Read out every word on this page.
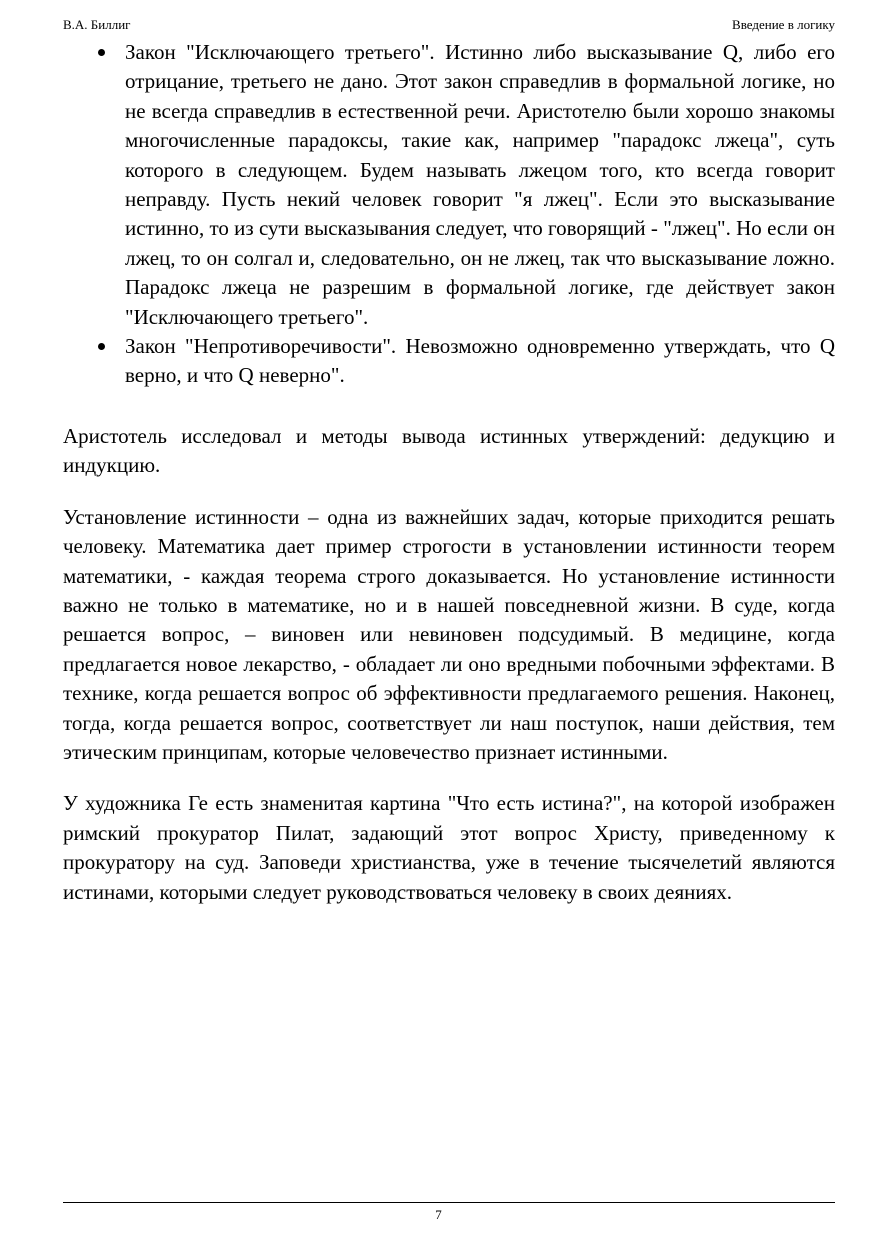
В.А. Биллиг	Введение в логику
Закон "Исключающего третьего". Истинно либо высказывание Q, либо его отрицание, третьего не дано. Этот закон справедлив в формальной логике, но не всегда справедлив в естественной речи. Аристотелю были хорошо знакомы многочисленные парадоксы, такие как, например "парадокс лжеца", суть которого в следующем. Будем называть лжецом того, кто всегда говорит неправду. Пусть некий человек говорит "я лжец". Если это высказывание истинно, то из сути высказывания следует, что говорящий - "лжец". Но если он лжец, то он солгал и, следовательно, он не лжец, так что высказывание ложно. Парадокс лжеца не разрешим в формальной логике, где действует закон "Исключающего третьего".
Закон "Непротиворечивости". Невозможно одновременно утверждать, что Q верно, и что Q неверно".

Аристотель исследовал и методы вывода истинных утверждений: дедукцию и индукцию.

Установление истинности – одна из важнейших задач, которые приходится решать человеку. Математика дает пример строгости в установлении истинности теорем математики, - каждая теорема строго доказывается. Но установление истинности важно не только в математике, но и в нашей повседневной жизни. В суде, когда решается вопрос, – виновен или невиновен подсудимый. В медицине, когда предлагается новое лекарство, - обладает ли оно вредными побочными эффектами. В технике, когда решается вопрос об эффективности предлагаемого решения. Наконец, тогда, когда решается вопрос, соответствует ли наш поступок, наши действия, тем этическим принципам, которые человечество признает истинными.

У художника Ге есть знаменитая картина "Что есть истина?", на которой изображен римский прокуратор Пилат, задающий этот вопрос Христу, приведенному к прокуратору на суд. Заповеди христианства, уже в течение тысячелетий являются истинами, которыми следует руководствоваться человеку в своих деяниях.

7
